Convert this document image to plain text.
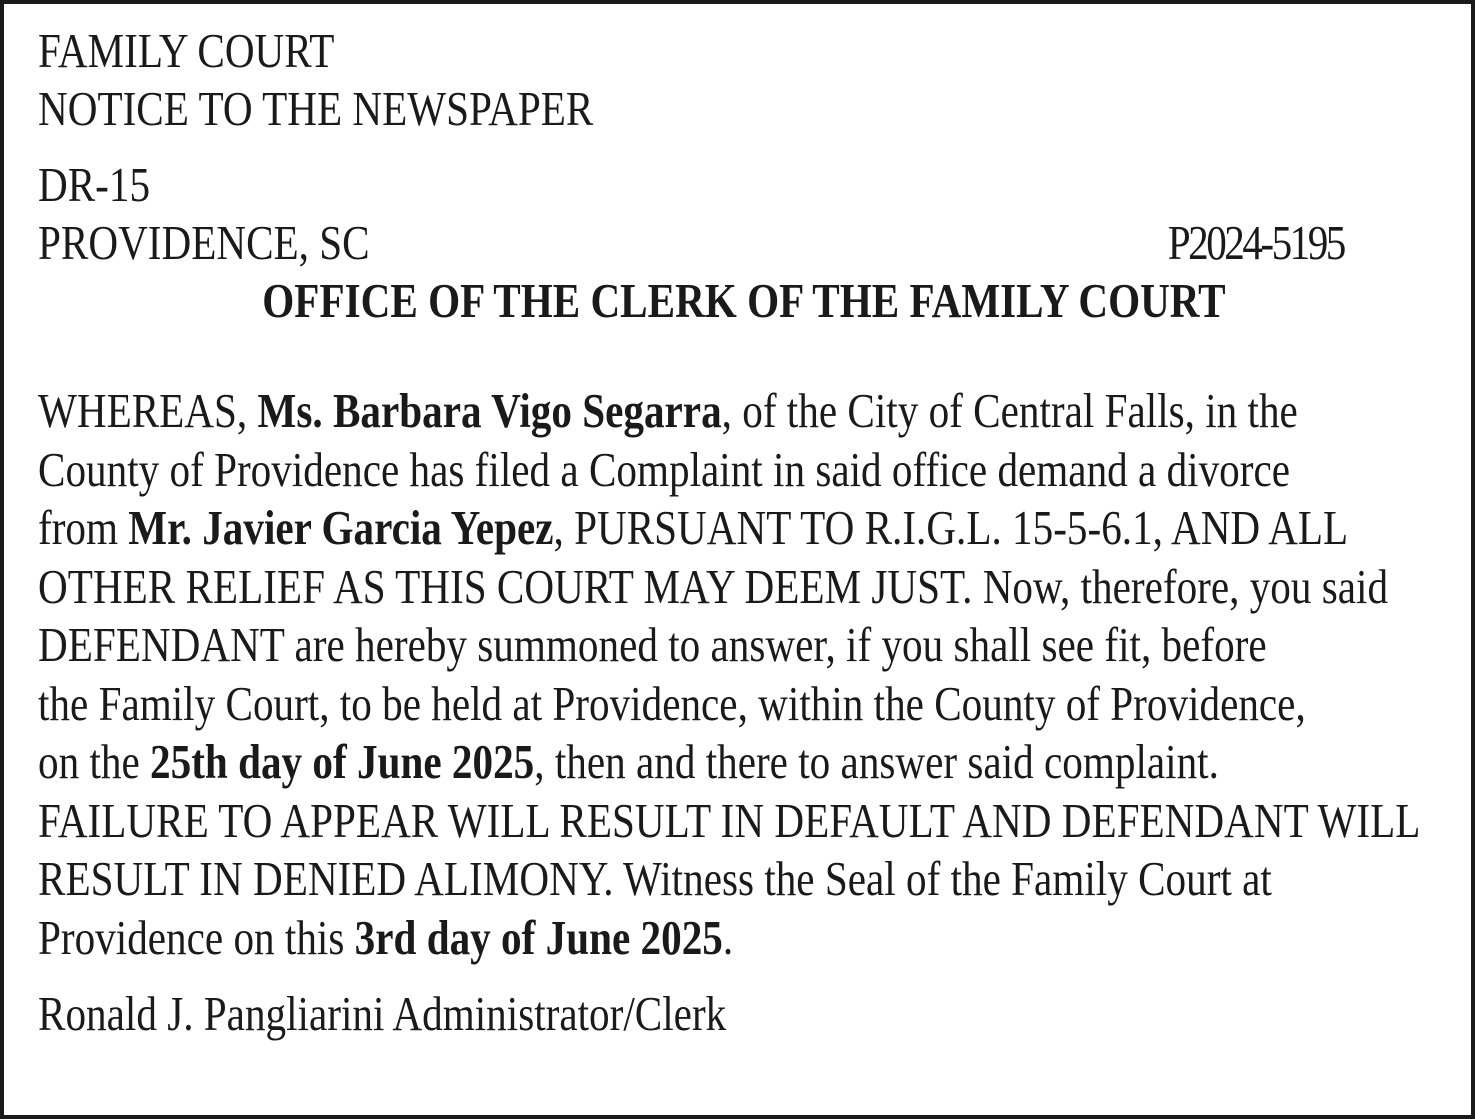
FAMILY COURT
NOTICE TO THE NEWSPAPER
DR-15
PROVIDENCE, SC	P2024-5195
OFFICE OF THE CLERK OF THE FAMILY COURT
WHEREAS, Ms. Barbara Vigo Segarra, of the City of Central Falls, in the
County of Providence has filed a Complaint in said office demand a divorce
from Mr. Javier Garcia Yepez, PURSUANT TO R.I.G.L. 15-5-6.1, AND ALL
OTHER RELIEF AS THIS COURT MAY DEEM JUST. Now, therefore, you said
DEFENDANT are hereby summoned to answer, if you shall see fit, before
the Family Court, to be held at Providence, within the County of Providence,
on the 25th day of June 2025, then and there to answer said complaint.
FAILURE TO APPEAR WILL RESULT IN DEFAULT AND DEFENDANT WILL
RESULT IN DENIED ALIMONY. Witness the Seal of the Family Court at
Providence on this 3rd day of June 2025.
Ronald J. Pangliarini Administrator/Clerk
